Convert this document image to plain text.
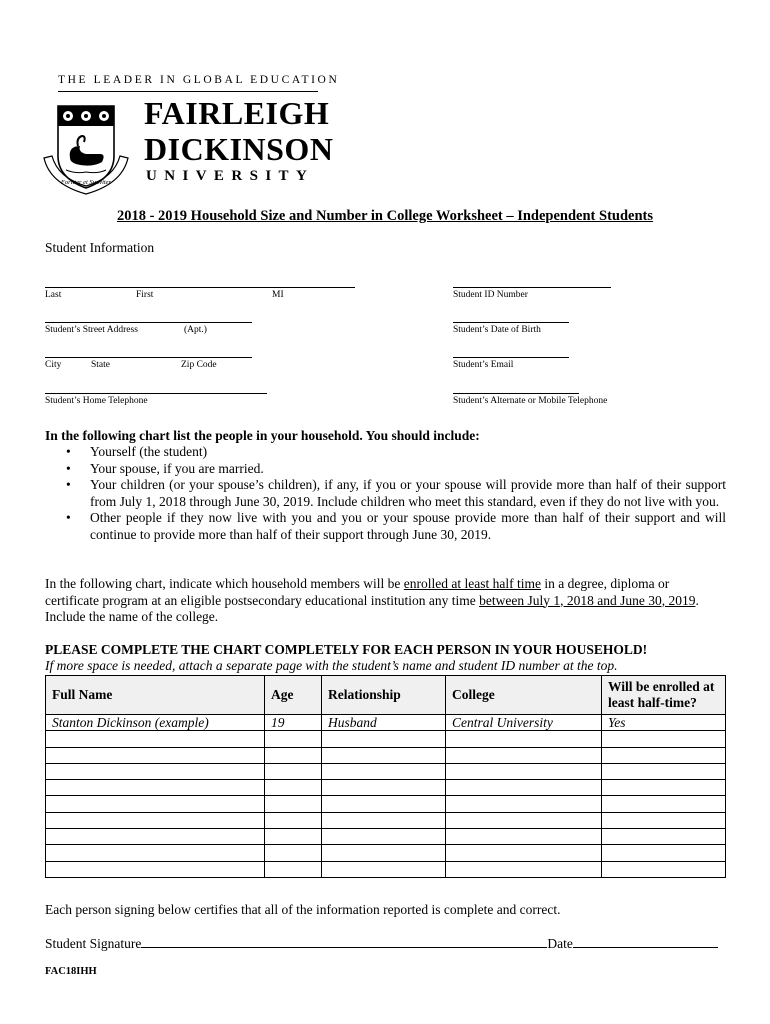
THE LEADER IN GLOBAL EDUCATION
Fortiter et Suaviter
FAIRLEIGH
DICKINSON
UNIVERSITY
2018 - 2019 Household Size and Number in College Worksheet – Independent Students
Student Information
Last	First	MI	Student ID Number
Student’s Street Address	(Apt.)	Student’s Date of Birth
City	State	Zip Code	Student’s Email
Student’s Home Telephone	Student’s Alternate or Mobile Telephone
In the following chart list the people in your household. You should include:
• Yourself (the student)
• Your spouse, if you are married.
• Your children (or your spouse’s children), if any, if you or your spouse will provide more than half of their support from July 1, 2018 through June 30, 2019. Include children who meet this standard, even if they do not live with you.
• Other people if they now live with you and you or your spouse provide more than half of their support and will continue to provide more than half of their support through June 30, 2019.
In the following chart, indicate which household members will be enrolled at least half time in a degree, diploma or certificate program at an eligible postsecondary educational institution any time between July 1, 2018 and June 30, 2019. Include the name of the college.
PLEASE COMPLETE THE CHART COMPLETELY FOR EACH PERSON IN YOUR HOUSEHOLD!
If more space is needed, attach a separate page with the student’s name and student ID number at the top.
Full Name	Age	Relationship	College	Will be enrolled at least half-time?
Stanton Dickinson (example)	19	Husband	Central University	Yes

Each person signing below certifies that all of the information reported is complete and correct.
Student Signature	Date
FAC18IHH
